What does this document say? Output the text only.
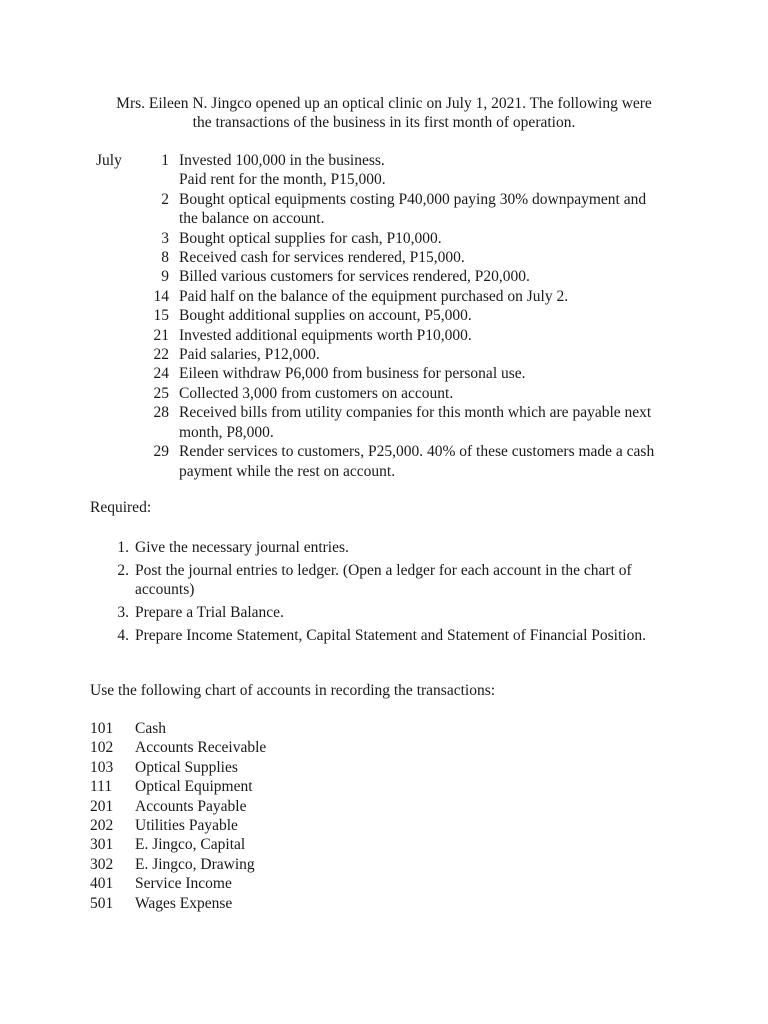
Mrs. Eileen N. Jingco opened up an optical clinic on July 1, 2021. The following were

the transactions of the business in its first month of operation.

July	1 Invested 100,000 in the business.
Paid rent for the month, P15,000.
2 Bought optical equipments costing P40,000 paying 30% downpayment and
the balance on account.
3 Bought optical supplies for cash, P10,000.
8 Received cash for services rendered, P15,000.
9 Billed various customers for services rendered, P20,000.
14 Paid half on the balance of the equipment purchased on July 2.
15 Bought additional supplies on account, P5,000.
21 Invested additional equipments worth P10,000.
22 Paid salaries, P12,000.
24 Eileen withdraw P6,000 from business for personal use.
25 Collected 3,000 from customers on account.
28 Received bills from utility companies for this month which are payable next
month, P8,000.
29 Render services to customers, P25,000. 40% of these customers made a cash
payment while the rest on account.
Required:
1. Give the necessary journal entries.
2. Post the journal entries to ledger. (Open a ledger for each account in the chart of
accounts)
3. Prepare a Trial Balance.
4. Prepare Income Statement, Capital Statement and Statement of Financial Position.
Use the following chart of accounts in recording the transactions:
101	Cash
102	Accounts Receivable
103	Optical Supplies
111	Optical Equipment
201	Accounts Payable
202	Utilities Payable
301	E. Jingco, Capital
302	E. Jingco, Drawing
401	Service Income
501	Wages Expense
